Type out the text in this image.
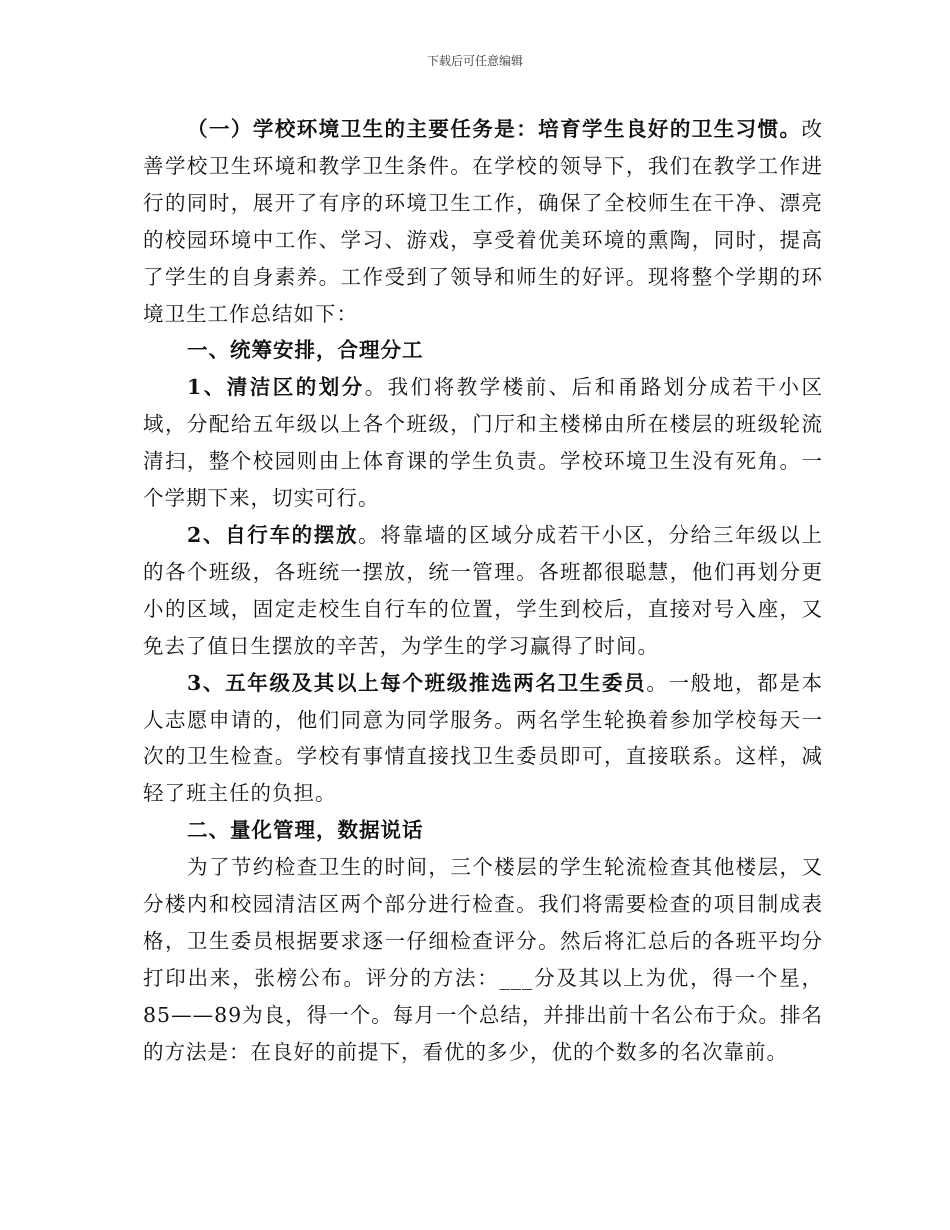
下载后可任意编辑

（一）学校环境卫生的主要任务是：培育学生良好的卫生习惯。改善学校卫生环境和教学卫生条件。在学校的领导下，我们在教学工作进行的同时，展开了有序的环境卫生工作，确保了全校师生在干净、漂亮的校园环境中工作、学习、游戏，享受着优美环境的熏陶，同时，提高了学生的自身素养。工作受到了领导和师生的好评。现将整个学期的环境卫生工作总结如下：

一、统筹安排，合理分工

1、清洁区的划分。我们将教学楼前、后和甬路划分成若干小区域，分配给五年级以上各个班级，门厅和主楼梯由所在楼层的班级轮流清扫，整个校园则由上体育课的学生负责。学校环境卫生没有死角。一个学期下来，切实可行。

2、自行车的摆放。将靠墙的区域分成若干小区，分给三年级以上的各个班级，各班统一摆放，统一管理。各班都很聪慧，他们再划分更小的区域，固定走校生自行车的位置，学生到校后，直接对号入座，又免去了值日生摆放的辛苦，为学生的学习赢得了时间。

3、五年级及其以上每个班级推选两名卫生委员。一般地，都是本人志愿申请的，他们同意为同学服务。两名学生轮换着参加学校每天一次的卫生检查。学校有事情直接找卫生委员即可，直接联系。这样，减轻了班主任的负担。

二、量化管理，数据说话

为了节约检查卫生的时间，三个楼层的学生轮流检查其他楼层，又分楼内和校园清洁区两个部分进行检查。我们将需要检查的项目制成表格，卫生委员根据要求逐一仔细检查评分。然后将汇总后的各班平均分打印出来，张榜公布。评分的方法：___分及其以上为优，得一个星，85——89为良，得一个。每月一个总结，并排出前十名公布于众。排名的方法是：在良好的前提下，看优的多少，优的个数多的名次靠前。
